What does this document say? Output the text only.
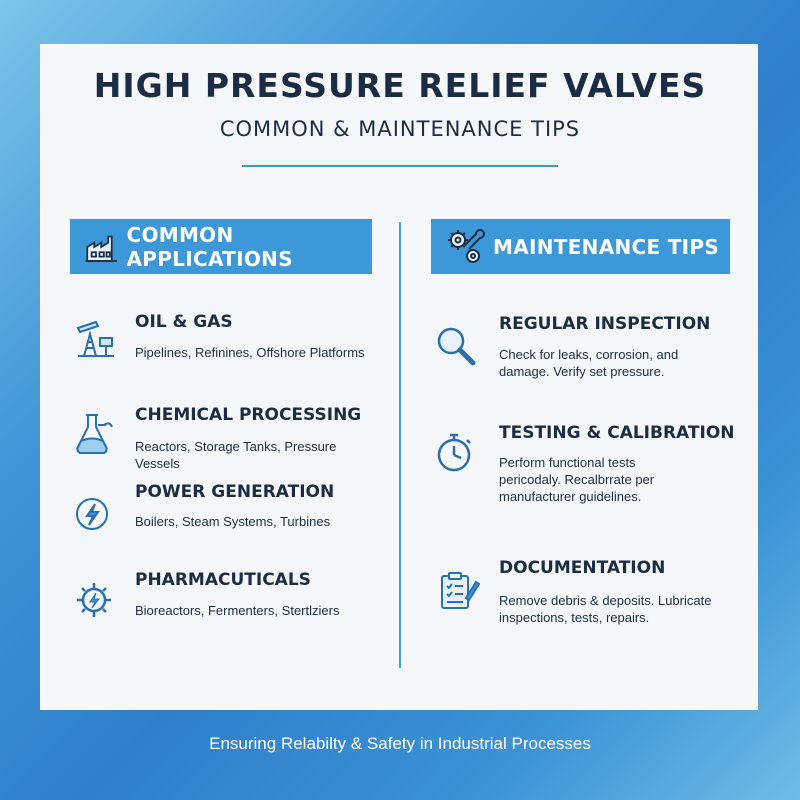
HIGH PRESSURE RELIEF VALVES
COMMON & MAINTENANCE TIPS
COMMON APPLICATIONS	MAINTENANCE TIPS
OIL & GAS
Pipelines, Refinines, Offshore Platforms
CHEMICAL PROCESSING
Reactors, Storage Tanks, Pressure Vessels
POWER GENERATION
Boilers, Steam Systems, Turbines
PHARMACUTICALS
Bioreactors, Fermenters, Stertlziers
REGULAR INSPECTION
Check for leaks, corrosion, and damage. Verify set pressure.
TESTING & CALIBRATION
Perform functional tests pericodaly. Recalbrrate per manufacturer guidelines.
DOCUMENTATION
Remove debris & deposits. Lubricate inspections, tests, repairs.
Ensuring Relabilty & Safety in Industrial Processes
